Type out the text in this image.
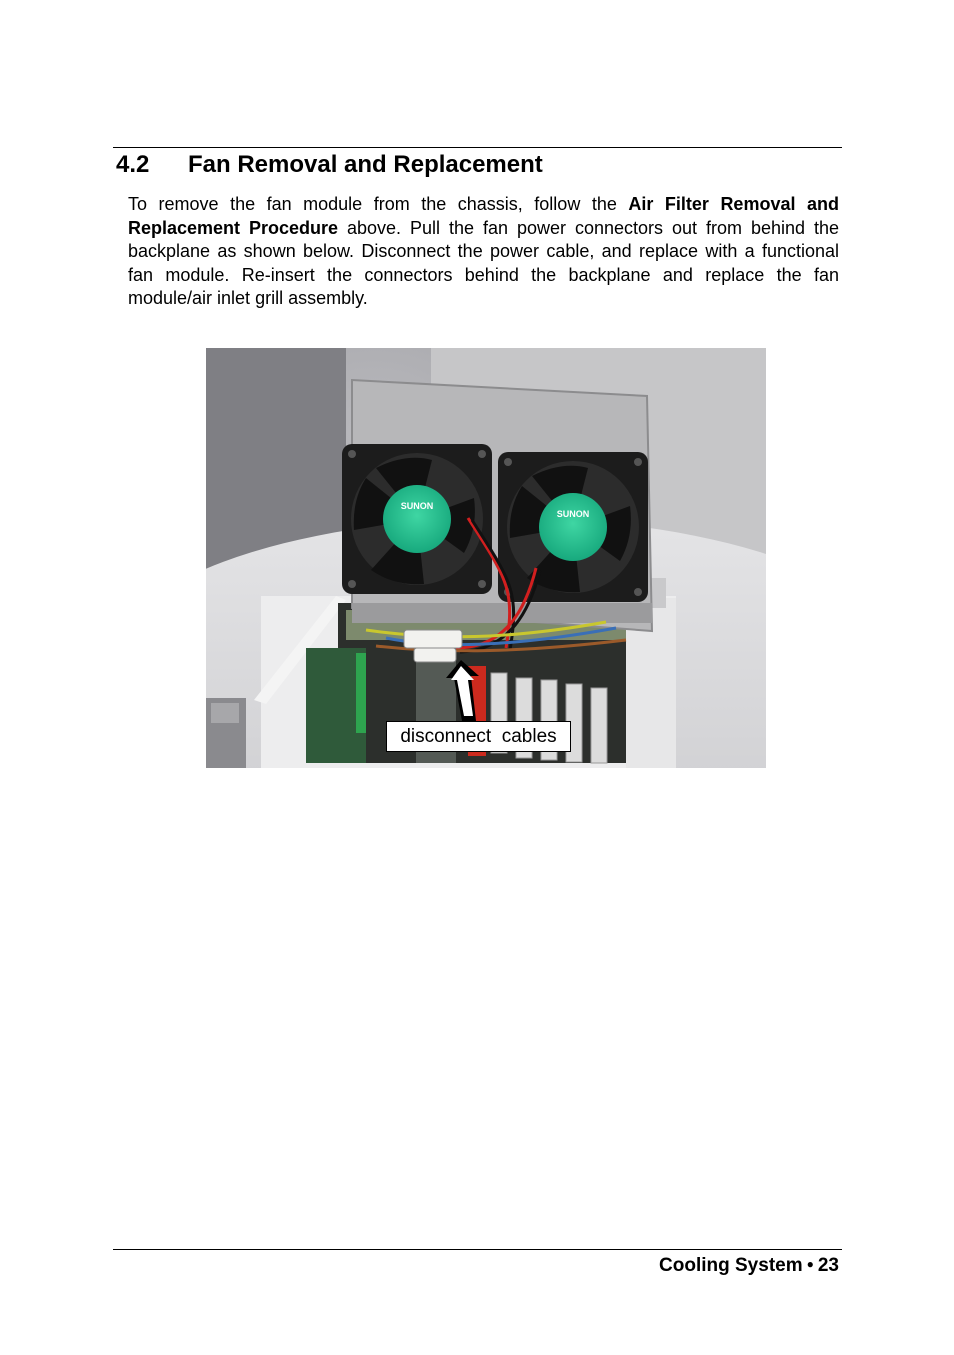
4.2 Fan Removal and Replacement

To remove the fan module from the chassis, follow the Air Filter Removal and Replacement Procedure above. Pull the fan power connectors out from behind the backplane as shown below. Disconnect the power cable, and replace with a functional fan module. Re-insert the connectors behind the backplane and replace the fan module/air inlet grill assembly.

SUNON
SUNON
disconnect  cables
Cooling System ● 23
